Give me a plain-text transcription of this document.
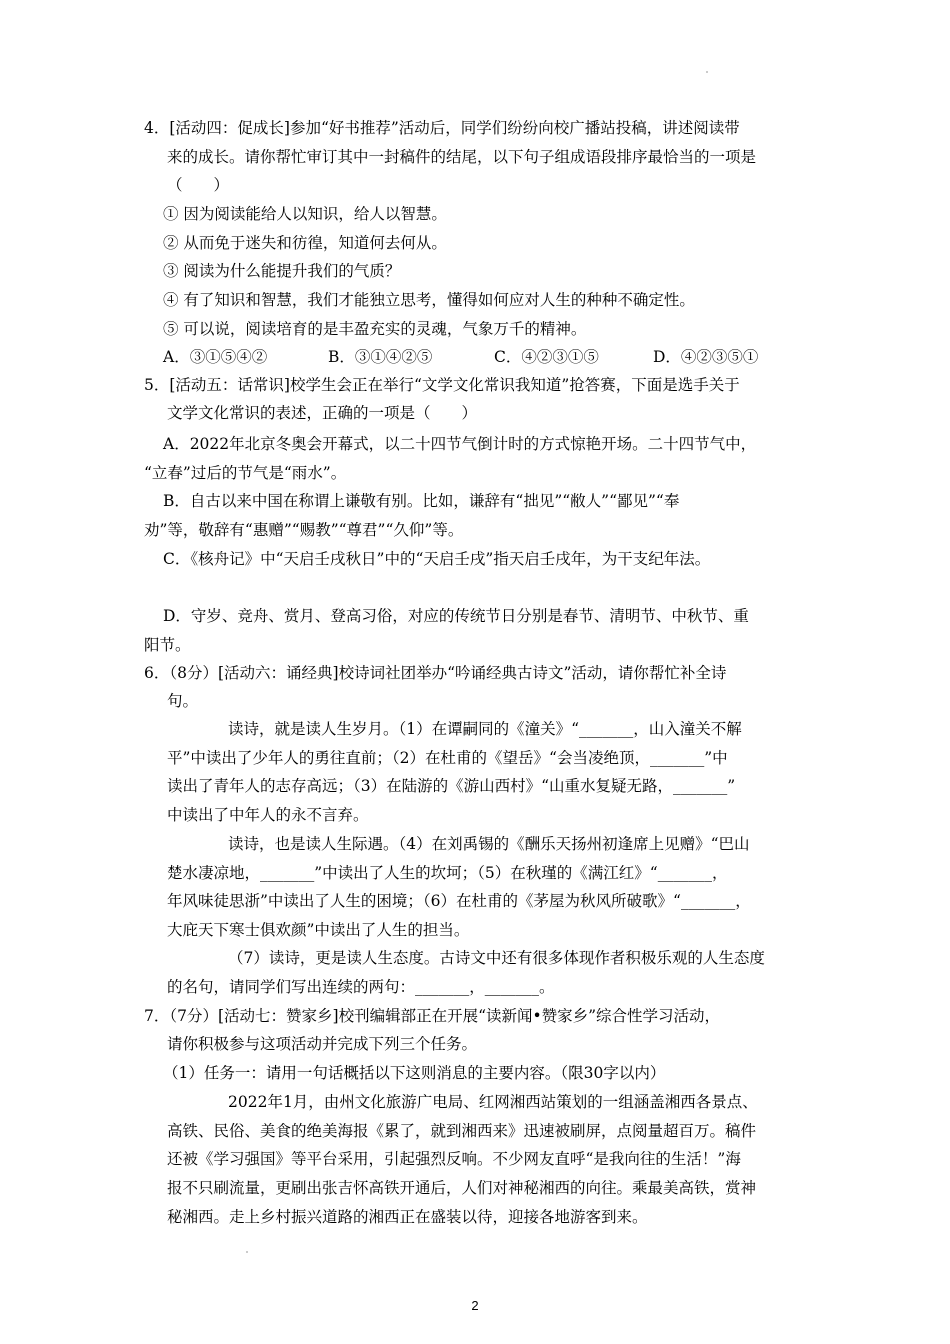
4．[活动四：促成长]参加“好书推荐”活动后，同学们纷纷向校广播站投稿，讲述阅读带
来的成长。请你帮忙审订其中一封稿件的结尾，以下句子组成语段排序最恰当的一项是
（　　）
① 因为阅读能给人以知识，给人以智慧。
② 从而免于迷失和彷徨，知道何去何从。
③ 阅读为什么能提升我们的气质？
④ 有了知识和智慧，我们才能独立思考，懂得如何应对人生的种种不确定性。
⑤ 可以说，阅读培育的是丰盈充实的灵魂，气象万千的精神。
A．③①⑤④②	B．③①④②⑤	C．④②③①⑤	D．④②③⑤①
5．[活动五：话常识]校学生会正在举行“文学文化常识我知道”抢答赛，下面是选手关于
文学文化常识的表述，正确的一项是（　　）
A．2022年北京冬奥会开幕式，以二十四节气倒计时的方式惊艳开场。二十四节气中，
“立春”过后的节气是“雨水”。
B．自古以来中国在称谓上谦敬有别。比如，谦辞有“拙见”“敝人”“鄙见”“奉
劝”等，敬辞有“惠赠”“赐教”“尊君”“久仰”等。
C．《核舟记》中“天启壬戌秋日”中的“天启壬戌”指天启壬戌年，为干支纪年法。
D．守岁、竞舟、赏月、登高习俗，对应的传统节日分别是春节、清明节、中秋节、重
阳节。
6．（8分）[活动六：诵经典]校诗词社团举办“吟诵经典古诗文”活动，请你帮忙补全诗
句。
读诗，就是读人生岁月。（1）在谭嗣同的《潼关》“_______，山入潼关不解
平”中读出了少年人的勇往直前；（2）在杜甫的《望岳》“会当凌绝顶，_______”中
读出了青年人的志存高远；（3）在陆游的《游山西村》“山重水复疑无路，_______”
中读出了中年人的永不言弃。
读诗，也是读人生际遇。（4）在刘禹锡的《酬乐天扬州初逢席上见赠》“巴山
楚水凄凉地，_______”中读出了人生的坎坷；（5）在秋瑾的《满江红》“_______，
年风味徒思浙”中读出了人生的困境；（6）在杜甫的《茅屋为秋风所破歌》“_______，
大庇天下寒士俱欢颜”中读出了人生的担当。
（7）读诗，更是读人生态度。古诗文中还有很多体现作者积极乐观的人生态度
的名句，请同学们写出连续的两句：_______，_______。
7．（7分）[活动七：赞家乡]校刊编辑部正在开展“读新闻•赞家乡”综合性学习活动，
请你积极参与这项活动并完成下列三个任务。
（1）任务一：请用一句话概括以下这则消息的主要内容。（限30字以内）
2022年1月，由州文化旅游广电局、红网湘西站策划的一组涵盖湘西各景点、
高铁、民俗、美食的绝美海报《累了，就到湘西来》迅速被刷屏，点阅量超百万。稿件
还被《学习强国》等平台采用，引起强烈反响。不少网友直呼“是我向往的生活！”海
报不只刷流量，更刷出张吉怀高铁开通后，人们对神秘湘西的向往。乘最美高铁，赏神
秘湘西。走上乡村振兴道路的湘西正在盛装以待，迎接各地游客到来。
2
